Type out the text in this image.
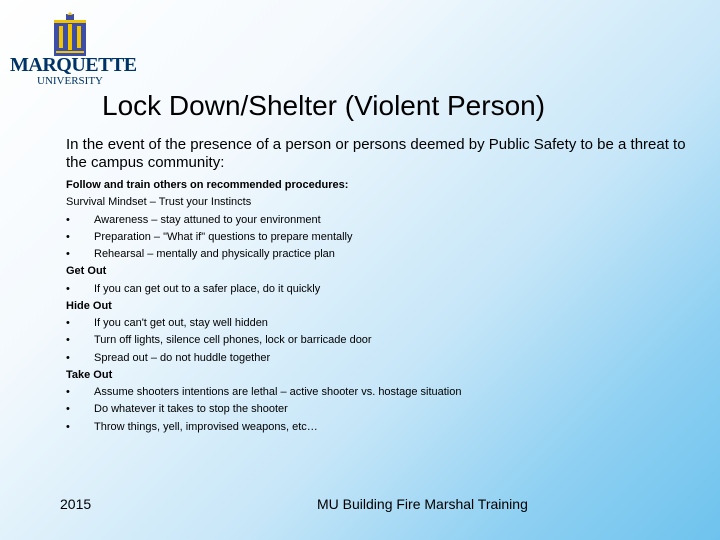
MARQUETTE
UNIVERSITY
Lock Down/Shelter (Violent Person)

In the event of the presence of a person or persons deemed by Public Safety to be a threat to the campus community:

Follow and train others on recommended procedures:
Survival Mindset – Trust your Instincts
• Awareness – stay attuned to your environment
• Preparation – "What if" questions to prepare mentally
• Rehearsal – mentally and physically practice plan
Get Out
• If you can get out to a safer place, do it quickly
Hide Out
• If you can't get out, stay well hidden
• Turn off lights, silence cell phones, lock or barricade door
• Spread out – do not huddle together
Take Out
• Assume shooters intentions are lethal – active shooter vs. hostage situation
• Do whatever it takes to stop the shooter
• Throw things, yell, improvised weapons, etc…
2015	MU Building Fire Marshal Training
